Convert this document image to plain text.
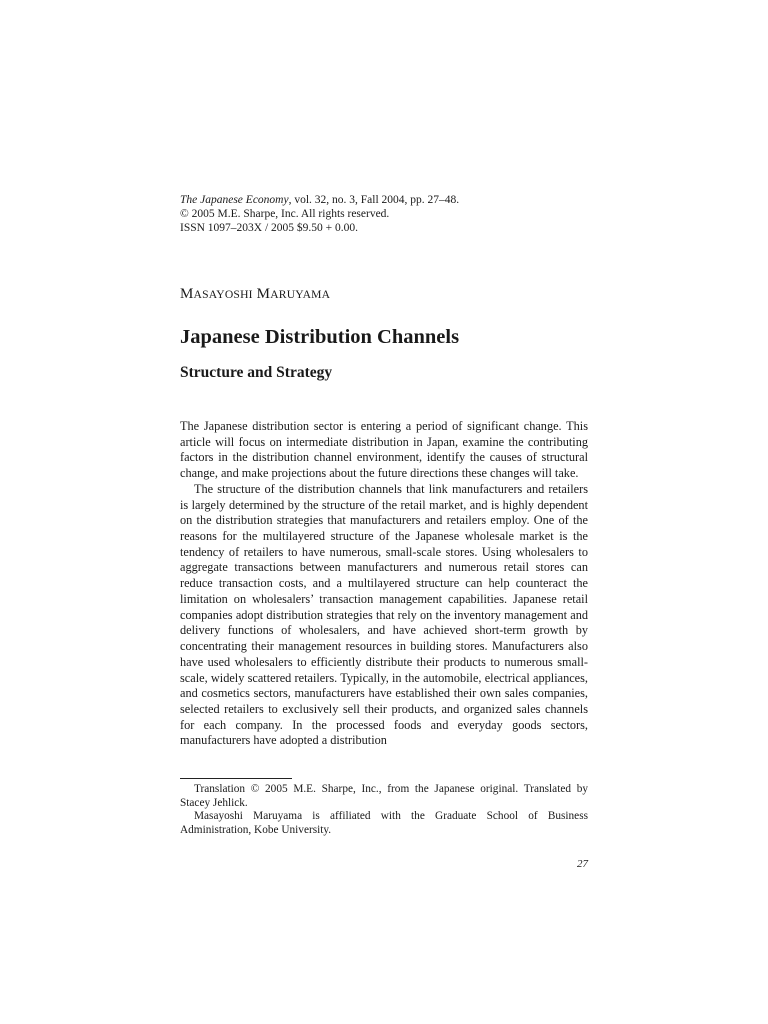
The Japanese Economy, vol. 32, no. 3, Fall 2004, pp. 27–48.
© 2005 M.E. Sharpe, Inc. All rights reserved.
ISSN 1097–203X / 2005 $9.50 + 0.00.
MASAYOSHI MARUYAMA
Japanese Distribution Channels
Structure and Strategy

The Japanese distribution sector is entering a period of significant change. This article will focus on intermediate distribution in Japan, examine the contributing factors in the distribution channel environment, identify the causes of structural change, and make projections about the future directions these changes will take.

The structure of the distribution channels that link manufacturers and retailers is largely determined by the structure of the retail market, and is highly dependent on the distribution strategies that manufacturers and retailers employ. One of the reasons for the multilayered structure of the Japanese wholesale market is the tendency of retailers to have numerous, small-scale stores. Using wholesalers to aggregate transactions between manufacturers and numerous retail stores can reduce transaction costs, and a multilayered structure can help counteract the limitation on wholesalers’ transaction management capabilities. Japanese retail companies adopt distribution strategies that rely on the inventory management and delivery functions of wholesalers, and have achieved short-term growth by concentrating their management resources in building stores. Manufacturers also have used wholesalers to efficiently distribute their products to numerous small-scale, widely scattered retailers. Typically, in the automobile, electrical appliances, and cosmetics sectors, manufacturers have established their own sales companies, selected retailers to exclusively sell their products, and organized sales channels for each company. In the processed foods and everyday goods sectors, manufacturers have adopted a distribution

Translation © 2005 M.E. Sharpe, Inc., from the Japanese original. Translated by Stacey Jehlick.

Masayoshi Maruyama is affiliated with the Graduate School of Business Administration, Kobe University.

27
